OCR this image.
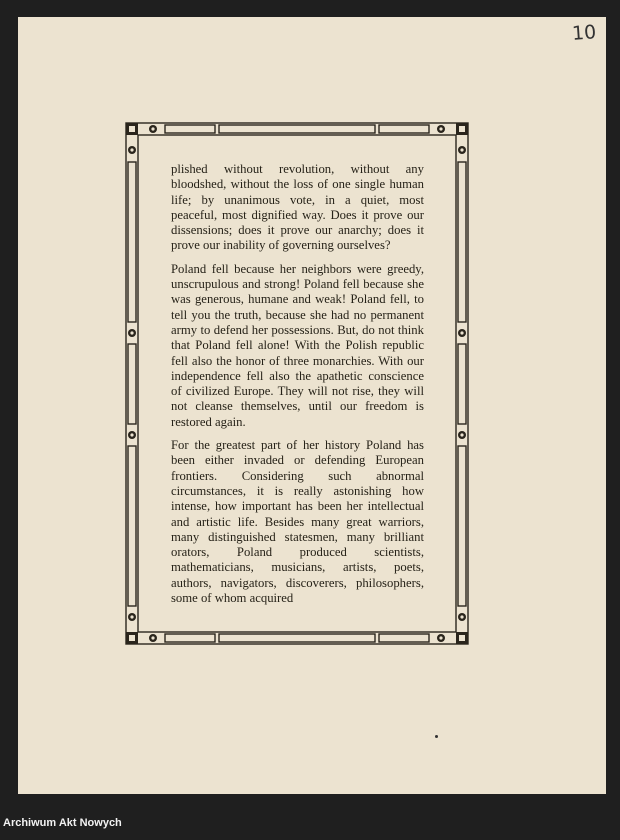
10

plished without revolution, without any bloodshed, without the loss of one single human life; by unanimous vote, in a quiet, most peaceful, most dignified way. Does it prove our dissensions; does it prove our anarchy; does it prove our inability of governing ourselves?

Poland fell because her neighbors were greedy, unscrupulous and strong! Poland fell because she was generous, humane and weak! Poland fell, to tell you the truth, because she had no permanent army to defend her possessions. But, do not think that Poland fell alone! With the Polish republic fell also the honor of three monarchies. With our independence fell also the apathetic conscience of civilized Europe. They will not rise, they will not cleanse themselves, until our freedom is restored again.

For the greatest part of her history Poland has been either invaded or defending European frontiers. Considering such abnormal circumstances, it is really astonishing how intense, how important has been her intellectual and artistic life. Besides many great warriors, many distinguished statesmen, many brilliant orators, Poland produced scientists, mathematicians, musicians, artists, poets, authors, navigators, discoverers, philosophers, some of whom acquired

Archiwum Akt Nowych
